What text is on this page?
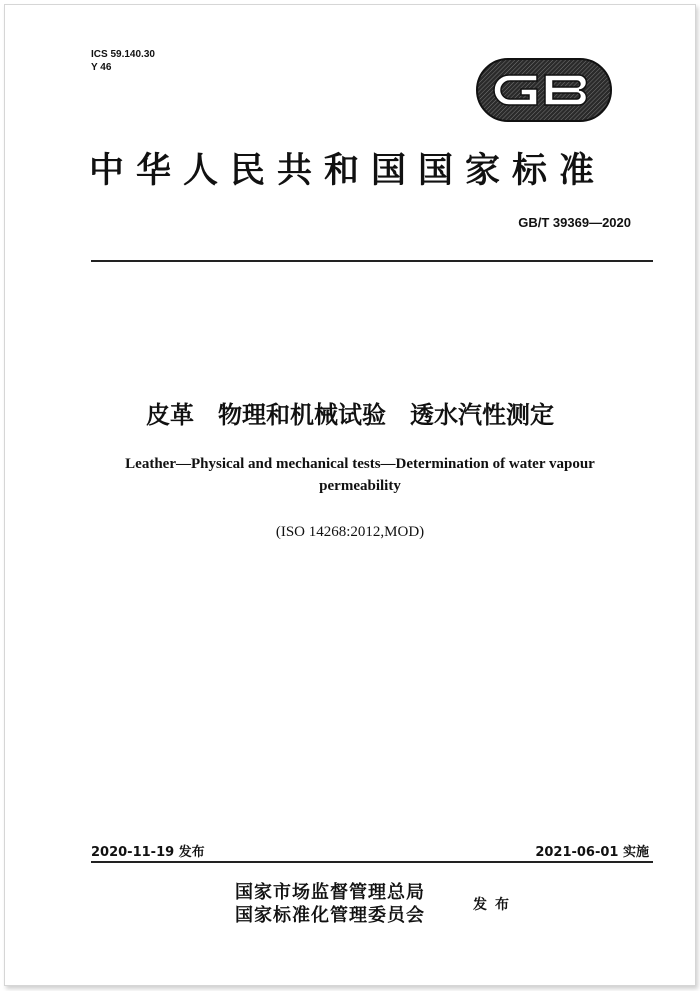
ICS 59.140.30
Y 46
中华人民共和国国家标准
GB/T 39369—2020
皮革　物理和机械试验　透水汽性测定
Leather—Physical and mechanical tests—Determination of water vapour
permeability
(ISO 14268:2012,MOD)
2020-11-19 发布	2021-06-01 实施
国家市场监督管理总局
国家标准化管理委员会	发布
